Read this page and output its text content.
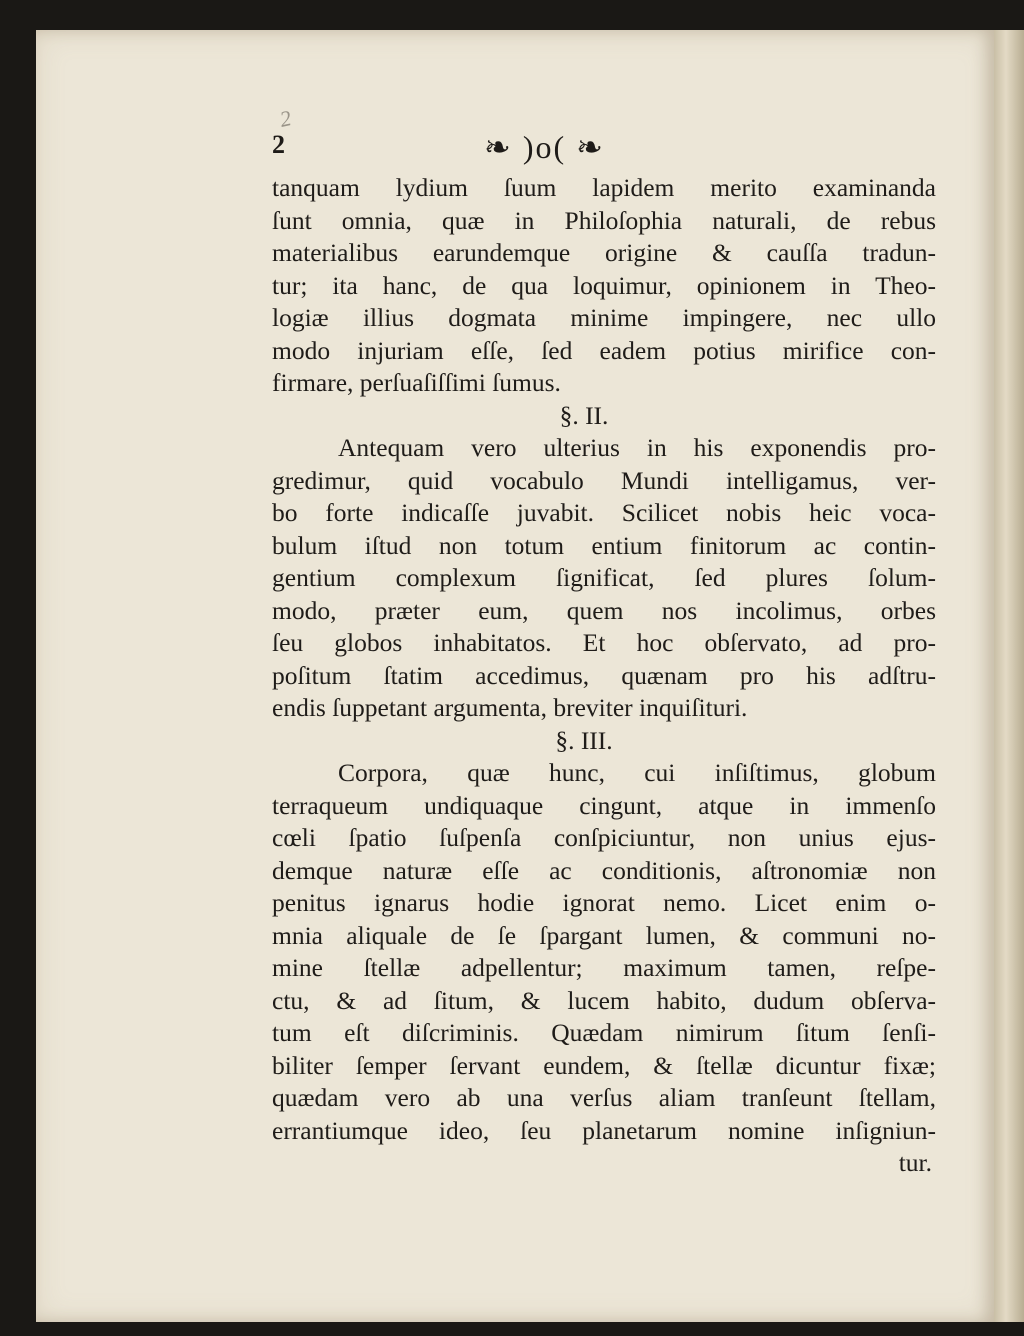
2
2	❧ )o( ❧
tanquam lydium ſuum lapidem merito examinanda
ſunt omnia, quæ in Philoſophia naturali, de rebus
materialibus earundemque origine & cauſſa tradun-
tur; ita hanc, de qua loquimur, opinionem in Theo-
logiæ illius dogmata minime impingere, nec ullo
modo injuriam eſſe, ſed eadem potius mirifice con-
firmare, perſuaſiſſimi ſumus.
§. II.
Antequam vero ulterius in his exponendis pro-
gredimur, quid vocabulo Mundi intelligamus, ver-
bo forte indicaſſe juvabit. Scilicet nobis heic voca-
bulum iſtud non totum entium finitorum ac contin-
gentium complexum ſignificat, ſed plures ſolum-
modo, præter eum, quem nos incolimus, orbes
ſeu globos inhabitatos. Et hoc obſervato, ad pro-
poſitum ſtatim accedimus, quænam pro his adſtru-
endis ſuppetant argumenta, breviter inquiſituri.
§. III.
Corpora, quæ hunc, cui inſiſtimus, globum
terraqueum undiquaque cingunt, atque in immenſo
cœli ſpatio ſuſpenſa conſpiciuntur, non unius ejus-
demque naturæ eſſe ac conditionis, aſtronomiæ non
penitus ignarus hodie ignorat nemo. Licet enim o-
mnia aliquale de ſe ſpargant lumen, & communi no-
mine ſtellæ adpellentur; maximum tamen, reſpe-
ctu, & ad ſitum, & lucem habito, dudum obſerva-
tum eſt diſcriminis. Quædam nimirum ſitum ſenſi-
biliter ſemper ſervant eundem, & ſtellæ dicuntur fixæ;
quædam vero ab una verſus aliam tranſeunt ſtellam,
errantiumque ideo, ſeu planetarum nomine inſigniun-
tur.
